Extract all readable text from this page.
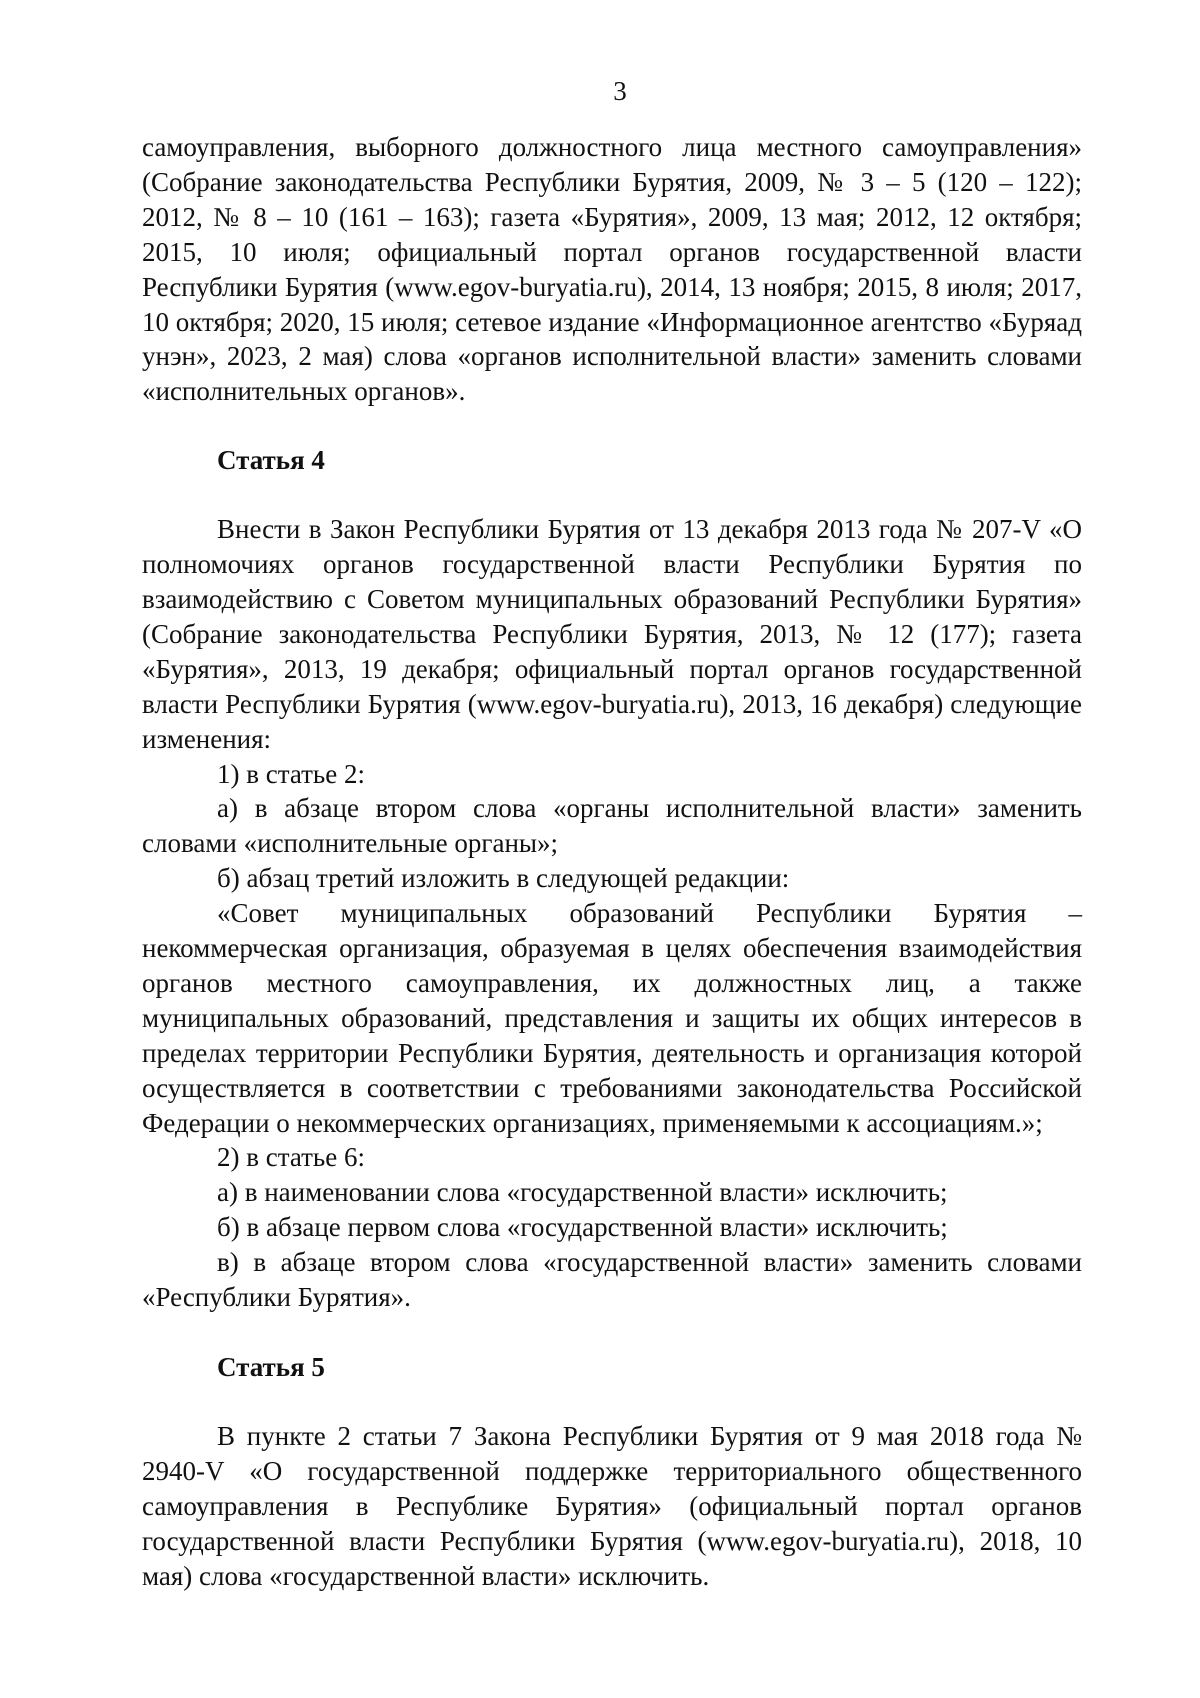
3

самоуправления, выборного должностного лица местного самоуправления» (Собрание законодательства Республики Бурятия, 2009, № 3 – 5 (120 – 122); 2012, № 8 – 10 (161 – 163); газета «Бурятия», 2009, 13 мая; 2012, 12 октября; 2015, 10 июля; официальный портал органов государственной власти Республики Бурятия (www.egov-buryatia.ru), 2014, 13 ноября; 2015, 8 июля; 2017, 10 октября; 2020, 15 июля; сетевое издание «Информационное агентство «Буряад унэн», 2023, 2 мая) слова «органов исполнительной власти» заменить словами «исполнительных органов».

Статья 4

Внести в Закон Республики Бурятия от 13 декабря 2013 года № 207-V «О полномочиях органов государственной власти Республики Бурятия по взаимодействию с Советом муниципальных образований Республики Бурятия» (Собрание законодательства Республики Бурятия, 2013, № 12 (177); газета «Бурятия», 2013, 19 декабря; официальный портал органов государственной власти Республики Бурятия (www.egov-buryatia.ru), 2013, 16 декабря) следующие изменения:

1) в статье 2:

а) в абзаце втором слова «органы исполнительной власти» заменить словами «исполнительные органы»;

б) абзац третий изложить в следующей редакции:

«Совет муниципальных образований Республики Бурятия – некоммерческая организация, образуемая в целях обеспечения взаимодействия органов местного самоуправления, их должностных лиц, а также муниципальных образований, представления и защиты их общих интересов в пределах территории Республики Бурятия, деятельность и организация которой осуществляется в соответствии с требованиями законодательства Российской Федерации о некоммерческих организациях, применяемыми к ассоциациям.»;

2) в статье 6:

а) в наименовании слова «государственной власти» исключить;

б) в абзаце первом слова «государственной власти» исключить;

в) в абзаце втором слова «государственной власти» заменить словами «Республики Бурятия».

Статья 5

В пункте 2 статьи 7 Закона Республики Бурятия от 9 мая 2018 года № 2940-V «О государственной поддержке территориального общественного самоуправления в Республике Бурятия» (официальный портал органов государственной власти Республики Бурятия (www.egov-buryatia.ru), 2018, 10 мая) слова «государственной власти» исключить.
